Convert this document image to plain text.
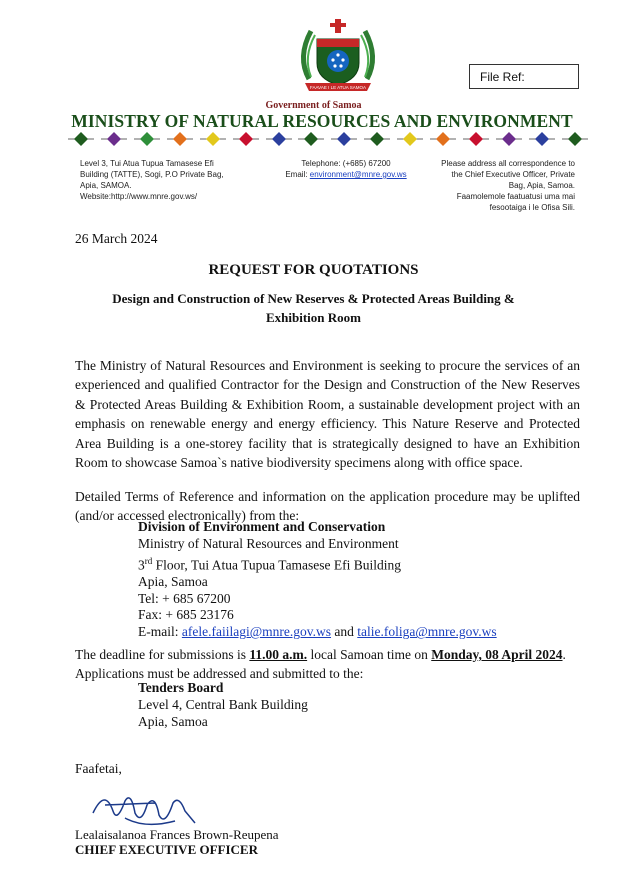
FAAVAE I LE ATUA SAMOA
File Ref:
Government of Samoa
MINISTRY OF NATURAL RESOURCES AND ENVIRONMENT
Level 3, Tui Atua Tupua Tamasese Efi
Building (TATTE), Sogi, P.O Private Bag,
Apia, SAMOA.
Website:http://www.mnre.gov.ws/
Telephone: (+685) 67200
Email: environment@mnre.gov.ws
Please address all correspondence to
the Chief Executive Officer, Private
Bag, Apia, Samoa.
Faamolemole faatuatusi uma mai
fesootaiga i le Ofisa Sili.
26 March 2024
REQUEST FOR QUOTATIONS
Design and Construction of New Reserves & Protected Areas Building & Exhibition Room
The Ministry of Natural Resources and Environment is seeking to procure the services of an experienced and qualified Contractor for the Design and Construction of the New Reserves & Protected Areas Building & Exhibition Room, a sustainable development project with an emphasis on renewable energy and energy efficiency. This Nature Reserve and Protected Area Building is a one-storey facility that is strategically designed to have an Exhibition Room to showcase Samoa`s native biodiversity specimens along with office space.
Detailed Terms of Reference and information on the application procedure may be uplifted (and/or accessed electronically) from the:
Division of Environment and Conservation
Ministry of Natural Resources and Environment
3rd Floor, Tui Atua Tupua Tamasese Efi Building
Apia, Samoa
Tel: + 685 67200
Fax: + 685 23176
E-mail: afele.faiilagi@mnre.gov.ws and talie.foliga@mnre.gov.ws
The deadline for submissions is 11.00 a.m. local Samoan time on Monday, 08 April 2024.
Applications must be addressed and submitted to the:
Tenders Board
Level 4, Central Bank Building
Apia, Samoa
Faafetai,
Lealaisalanoa Frances Brown-Reupena
CHIEF EXECUTIVE OFFICER
